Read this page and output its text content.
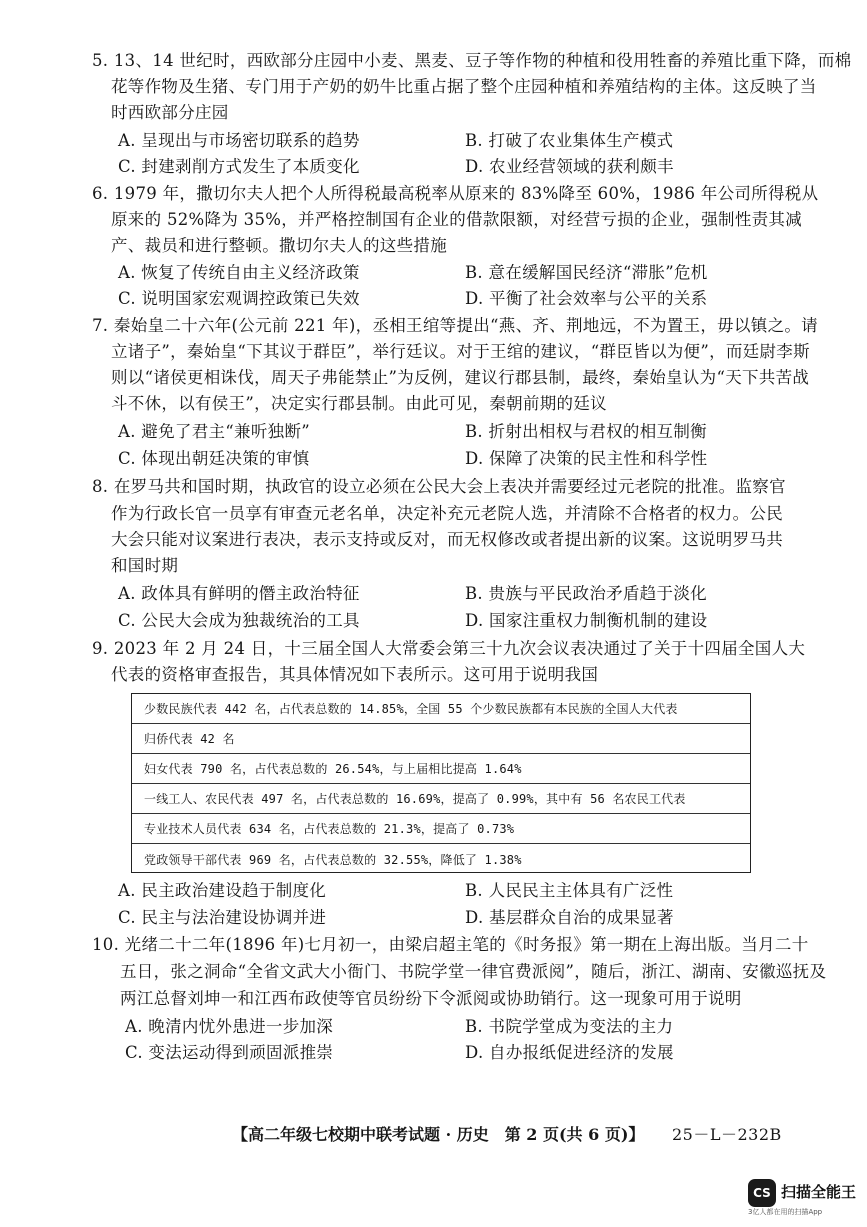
5. 13、14 世纪时，西欧部分庄园中小麦、黑麦、豆子等作物的种植和役用牲畜的养殖比重下降，而棉
花等作物及生猪、专门用于产奶的奶牛比重占据了整个庄园种植和养殖结构的主体。这反映了当
时西欧部分庄园
A. 呈现出与市场密切联系的趋势	B. 打破了农业集体生产模式
C. 封建剥削方式发生了本质变化	D. 农业经营领域的获利颇丰
6. 1979 年，撒切尔夫人把个人所得税最高税率从原来的 83%降至 60%，1986 年公司所得税从
原来的 52%降为 35%，并严格控制国有企业的借款限额，对经营亏损的企业，强制性责其减
产、裁员和进行整顿。撒切尔夫人的这些措施
A. 恢复了传统自由主义经济政策	B. 意在缓解国民经济“滞胀”危机
C. 说明国家宏观调控政策已失效	D. 平衡了社会效率与公平的关系
7. 秦始皇二十六年(公元前 221 年)，丞相王绾等提出“燕、齐、荆地远，不为置王，毋以镇之。请
立诸子”，秦始皇“下其议于群臣”，举行廷议。对于王绾的建议，“群臣皆以为便”，而廷尉李斯
则以“诸侯更相诛伐，周天子弗能禁止”为反例，建议行郡县制，最终，秦始皇认为“天下共苦战
斗不休，以有侯王”，决定实行郡县制。由此可见，秦朝前期的廷议
A. 避免了君主“兼听独断”	B. 折射出相权与君权的相互制衡
C. 体现出朝廷决策的审慎	D. 保障了决策的民主性和科学性
8. 在罗马共和国时期，执政官的设立必须在公民大会上表决并需要经过元老院的批准。监察官
作为行政长官一员享有审查元老名单，决定补充元老院人选，并清除不合格者的权力。公民
大会只能对议案进行表决，表示支持或反对，而无权修改或者提出新的议案。这说明罗马共
和国时期
A. 政体具有鲜明的僭主政治特征	B. 贵族与平民政治矛盾趋于淡化
C. 公民大会成为独裁统治的工具	D. 国家注重权力制衡机制的建设
9. 2023 年 2 月 24 日，十三届全国人大常委会第三十九次会议表决通过了关于十四届全国人大
代表的资格审查报告，其具体情况如下表所示。这可用于说明我国
少数民族代表 442 名，占代表总数的 14.85%，全国 55 个少数民族都有本民族的全国人大代表
归侨代表 42 名
妇女代表 790 名，占代表总数的 26.54%，与上届相比提高 1.64%
一线工人、农民代表 497 名，占代表总数的 16.69%，提高了 0.99%，其中有 56 名农民工代表
专业技术人员代表 634 名，占代表总数的 21.3%，提高了 0.73%
党政领导干部代表 969 名，占代表总数的 32.55%，降低了 1.38%
A. 民主政治建设趋于制度化	B. 人民民主主体具有广泛性
C. 民主与法治建设协调并进	D. 基层群众自治的成果显著
10. 光绪二十二年(1896 年)七月初一，由梁启超主笔的《时务报》第一期在上海出版。当月二十
五日，张之洞命“全省文武大小衙门、书院学堂一律官费派阅”，随后，浙江、湖南、安徽巡抚及
两江总督刘坤一和江西布政使等官员纷纷下令派阅或协助销行。这一现象可用于说明
A. 晚清内忧外患进一步加深	B. 书院学堂成为变法的主力
C. 变法运动得到顽固派推崇	D. 自办报纸促进经济的发展
【高二年级七校期中联考试题 · 历史　第 2 页(共 6 页)】 25－L－232B
CS 扫描全能王
3亿人都在用的扫描App
